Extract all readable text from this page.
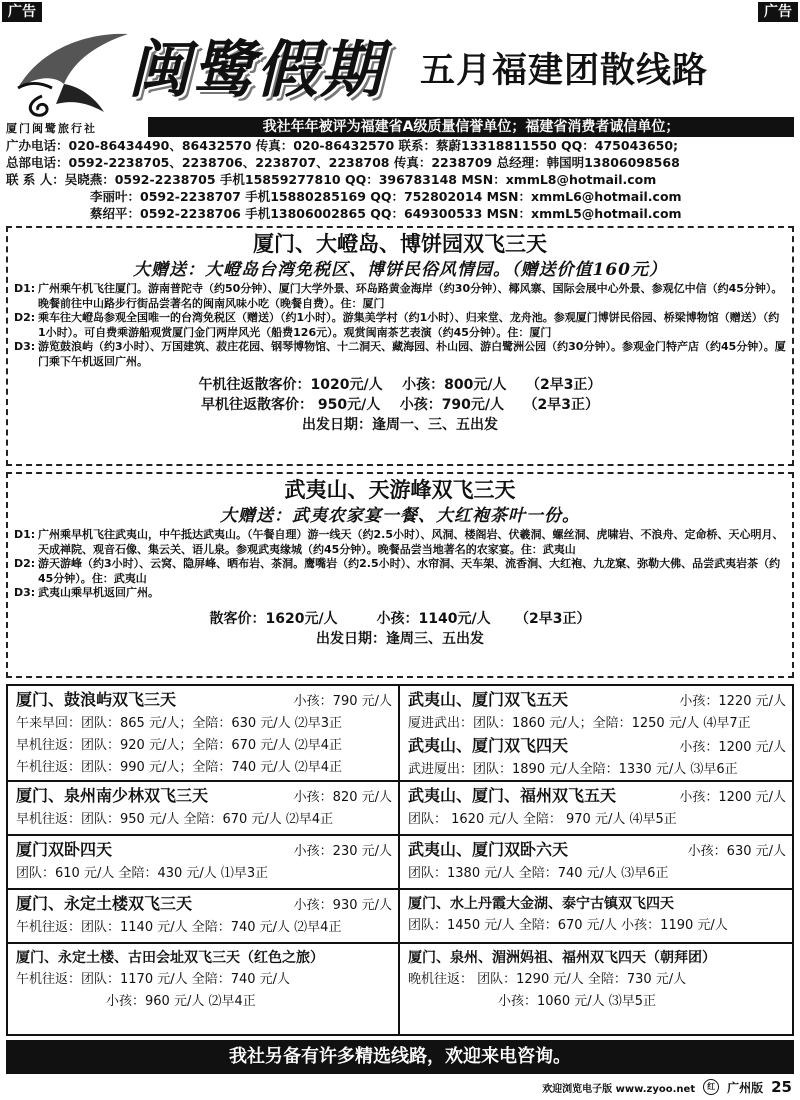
广告	广告
闽鹭假期 五月福建团散线路
厦门闽鹭旅行社	我社年年被评为福建省A级质量信誉单位；福建省消费者诚信单位；
广办电话：020-86434490、86432570 传真：020-86432570 联系：蔡蔚13318811550 QQ：475043650;
总部电话：0592-2238705、2238706、2238707、2238708 传真：2238709 总经理：韩国明13806098568
联 系 人：吴晓燕：0592-2238705 手机15859277810 QQ：396783148 MSN：xmmL8@hotmail.com
李丽叶：0592-2238707 手机15880285169 QQ：752802014 MSN：xmmL6@hotmail.com
蔡绍平：0592-2238706 手机13806002865 QQ：649300533 MSN：xmmL5@hotmail.com
厦门、大嶝岛、博饼园双飞三天
大赠送：大嶝岛台湾免税区、博饼民俗风情园。（赠送价值160元）
D1: 广州乘午机飞往厦门。游南普陀寺（约50分钟）、厦门大学外景、环岛路黄金海岸（约30分钟）、椰风寨、国际会展中心外景、参观亿中信（约45分钟）。晚餐前往中山路步行街品尝著名的闽南风味小吃（晚餐自费）。住：厦门
D2: 乘车往大嶝岛参观全国唯一的台湾免税区（赠送）（约1小时）。游集美学村（约1小时）、归来堂、龙舟池。参观厦门博饼民俗园、桥梁博物馆（赠送）（约1小时）。可自费乘游船观赏厦门金门两岸风光（船费126元）。观赏闽南茶艺表演（约45分钟）。住：厦门
D3: 游览鼓浪屿（约3小时）、万国建筑、菽庄花园、钢琴博物馆、十二洞天、藏海园、朴山园、游白鹭洲公园（约30分钟）。参观金门特产店（约45分钟）。厦门乘下午机返回广州。
午机往返散客价：1020元/人    小孩：800元/人    （2早3正）
早机往返散客价： 950元/人    小孩：790元/人    （2早3正）
出发日期：逢周一、三、五出发
武夷山、天游峰双飞三天
大赠送：武夷农家宴一餐、大红袍茶叶一份。
D1: 广州乘早机飞往武夷山，中午抵达武夷山。（午餐自理）游一线天（约2.5小时）、风洞、楼阁岩、伏羲洞、螺丝洞、虎啸岩、不浪舟、定命桥、天心明月、天成禅院、观音石像、集云关、语儿泉。参观武夷缘城（约45分钟）。晚餐品尝当地著名的农家宴。住：武夷山
D2: 游天游峰（约3小时）、云窝、隐屏峰、晒布岩、茶洞。鹰嘴岩（约2.5小时）、水帘洞、天车架、流香涧、大红袍、九龙窠、弥勒大佛、品尝武夷岩茶（约45分钟）。住：武夷山
D3: 武夷山乘早机返回广州。
散客价：1620元/人        小孩：1140元/人     （2早3正）
出发日期：逢周三、五出发
厦门、鼓浪屿双飞三天	小孩：790 元/人
午来早回：团队：865 元/人；全陪：630 元/人 ⑵早3正
早机往返：团队：920 元/人；全陪：670 元/人 ⑵早4正
午机往返：团队：990 元/人；全陪：740 元/人 ⑵早4正
厦门、泉州南少林双飞三天	小孩：820 元/人
早机往返：团队：950 元/人 全陪：670 元/人 ⑵早4正
厦门双卧四天	小孩：230 元/人
团队：610 元/人 全陪：430 元/人 ⑴早3正
厦门、永定土楼双飞三天	小孩：930 元/人
午机往返：团队：1140 元/人 全陪：740 元/人 ⑵早4正
厦门、永定土楼、古田会址双飞三天（红色之旅）
午机往返：团队：1170 元/人 全陪：740 元/人
小孩：960 元/人 ⑵早4正
武夷山、厦门双飞五天	小孩：1220 元/人
厦进武出：团队：1860 元/人；全陪：1250 元/人 ⑷早7正
武夷山、厦门双飞四天	小孩：1200 元/人
武进厦出：团队：1890 元/人全陪：1330 元/人 ⑶早6正
武夷山、厦门、福州双飞五天	小孩：1200 元/人
团队： 1620 元/人 全陪： 970 元/人 ⑷早5正
武夷山、厦门双卧六天	小孩：630 元/人
团队：1380 元/人 全陪：740 元/人 ⑶早6正
厦门、水上丹霞大金湖、泰宁古镇双飞四天
团队：1450 元/人 全陪：670 元/人 小孩：1190 元/人
厦门、泉州、湄洲妈祖、福州双飞四天（朝拜团）
晚机往返： 团队：1290 元/人 全陪：730 元/人
小孩：1060 元/人 ⑶早5正
我社另备有许多精选线路，欢迎来电咨询。
欢迎浏览电子版 www.zyoo.net	红	广州版 25
